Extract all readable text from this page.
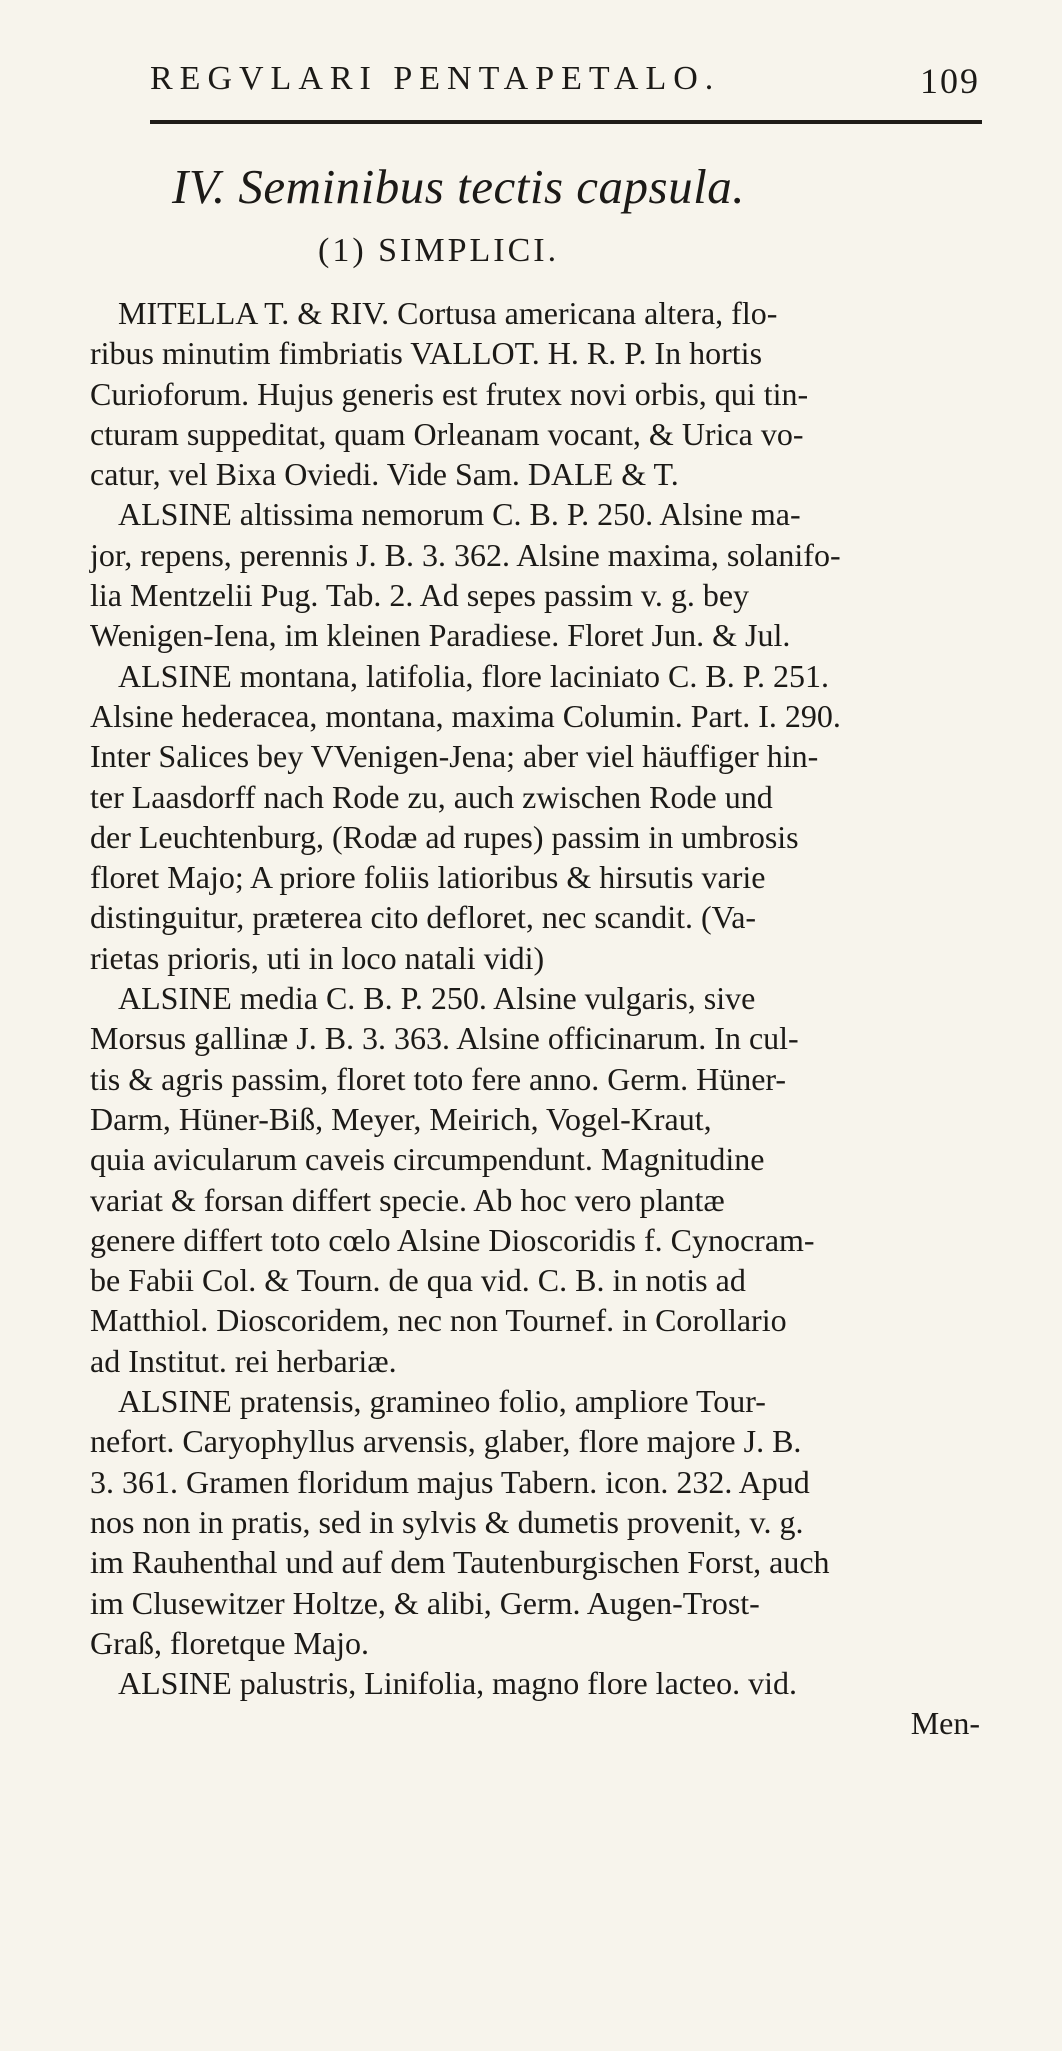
REGVLARI PENTAPETALO.	109
IV. Seminibus tectis capsula.
(1) SIMPLICI.
MITELLA T. & RIV. Cortusa americana altera, flo-
ribus minutim fimbriatis VALLOT. H. R. P. In hortis
Curioforum. Hujus generis est frutex novi orbis, qui tin-
cturam suppeditat, quam Orleanam vocant, & Urica vo-
catur, vel Bixa Oviedi. Vide Sam. DALE & T.
ALSINE altissima nemorum C. B. P. 250. Alsine ma-
jor, repens, perennis J. B. 3. 362. Alsine maxima, solanifo-
lia Mentzelii Pug. Tab. 2. Ad sepes passim v. g. bey
Wenigen-Iena, im kleinen Paradiese. Floret Jun. & Jul.
ALSINE montana, latifolia, flore laciniato C. B. P. 251.
Alsine hederacea, montana, maxima Columin. Part. I. 290.
Inter Salices bey VVenigen-Jena; aber viel häuffiger hin-
ter Laasdorff nach Rode zu, auch zwischen Rode und
der Leuchtenburg, (Rodæ ad rupes) passim in umbrosis
floret Majo; A priore foliis latioribus & hirsutis varie
distinguitur, præterea cito defloret, nec scandit. (Va-
rietas prioris, uti in loco natali vidi)
ALSINE media C. B. P. 250. Alsine vulgaris, sive
Morsus gallinæ J. B. 3. 363. Alsine officinarum. In cul-
tis & agris passim, floret toto fere anno. Germ. Hüner-
Darm, Hüner-Biß, Meyer, Meirich, Vogel-Kraut,
quia avicularum caveis circumpendunt. Magnitudine
variat & forsan differt specie. Ab hoc vero plantæ
genere differt toto cœlo Alsine Dioscoridis f. Cynocram-
be Fabii Col. & Tourn. de qua vid. C. B. in notis ad
Matthiol. Dioscoridem, nec non Tournef. in Corollario
ad Institut. rei herbariæ.
ALSINE pratensis, gramineo folio, ampliore Tour-
nefort. Caryophyllus arvensis, glaber, flore majore J. B.
3. 361. Gramen floridum majus Tabern. icon. 232. Apud
nos non in pratis, sed in sylvis & dumetis provenit, v. g.
im Rauhenthal und auf dem Tautenburgischen Forst, auch
im Clusewitzer Holtze, & alibi, Germ. Augen-Trost-
Graß, floretque Majo.
ALSINE palustris, Linifolia, magno flore lacteo. vid.
Men-
